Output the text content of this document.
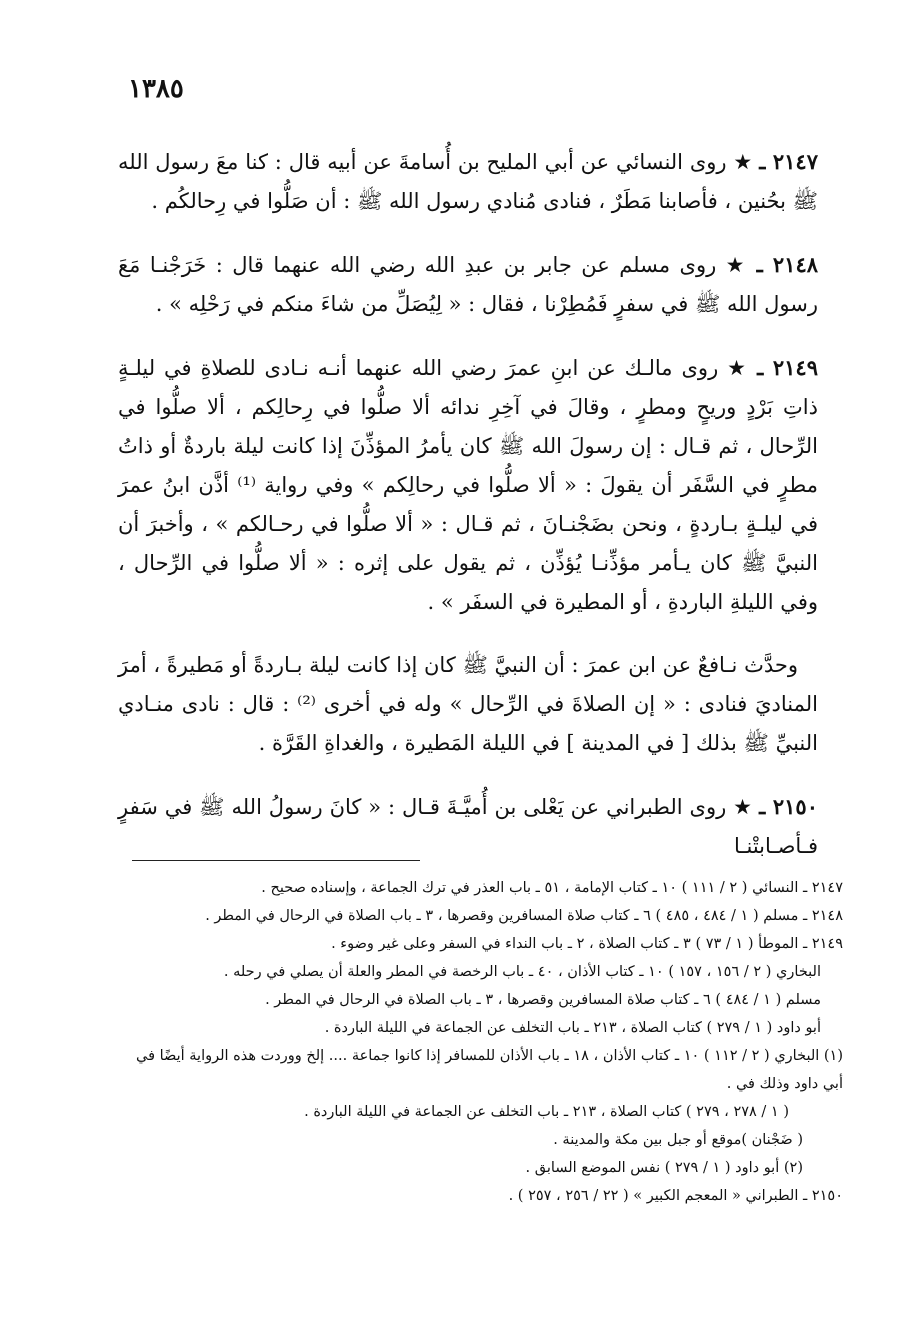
١٣٨٥

٢١٤٧ ـ ★ روى النسائي عن أبي المليح بن أُسامةَ عن أبيه قال : كنا معَ رسول الله ﷺ بحُنين ، فأصابنا مَطَرٌ ، فنادى مُنادي رسول الله ﷺ : أن صَلُّوا في رِحالكُم .

٢١٤٨ ـ ★ روى مسلم عن جابر بن عبدِ الله رضي الله عنهما قال : خَرَجْنـا مَعَ رسول الله ﷺ في سفرٍ فَمُطِرْنا ، فقال : « لِيُصَلِّ من شاءَ منكم في رَحْلِه » .

٢١٤٩ ـ ★ روى مالـك عن ابنِ عمرَ رضي الله عنهما أنـه نـادى للصلاةِ في ليلـةٍ ذاتِ بَرْدٍ وريحٍ ومطرٍ ، وقالَ في آخِرِ ندائه ألا صلُّوا في رِحالِكم ، ألا صلُّوا في الرِّحال ، ثم قـال : إن رسولَ الله ﷺ كان يأمرُ المؤذِّنَ إذا كانت ليلة باردةٌ أو ذاتُ مطرٍ في السَّفَر أن يقولَ : « ألا صلُّوا في رحالِكم » وفي رواية ⁽¹⁾ أذَّن ابنُ عمرَ في ليلـةٍ بـاردةٍ ، ونحن بضَجْنـانَ ، ثم قـال : « ألا صلُّوا في رحـالكم » ، وأخبرَ أن النبيَّ ﷺ كان يـأمر مؤذِّنـا يُؤذِّن ، ثم يقول على إثره : « ألا صلُّوا في الرِّحال ، وفي الليلةِ الباردةِ ، أو المطيرة في السفَر » .

وحدَّث نـافعٌ عن ابن عمرَ : أن النبيَّ ﷺ كان إذا كانت ليلة بـاردةً أو مَطيرةً ، أمرَ المناديَ فنادى : « إن الصلاةَ في الرِّحال » وله في أخرى ⁽²⁾ : قال : نادى منـادي النبيِّ ﷺ بذلك [ في المدينة ] في الليلة المَطيرة ، والغداةِ القَرَّة .

٢١٥٠ ـ ★ روى الطبراني عن يَعْلى بن أُميَّـةَ قـال : « كانَ رسولُ الله ﷺ في سَفرٍ فـأصـابتْنـا

٢١٤٧ ـ النسائي ( ٢ / ١١١ ) ١٠ ـ كتاب الإمامة ، ٥١ ـ باب العذر في ترك الجماعة ، وإسناده صحيح .

٢١٤٨ ـ مسلم ( ١ / ٤٨٤ ، ٤٨٥ ) ٦ ـ كتاب صلاة المسافرين وقصرها ، ٣ ـ باب الصلاة في الرحال في المطر .

٢١٤٩ ـ الموطأ ( ١ / ٧٣ ) ٣ ـ كتاب الصلاة ، ٢ ـ باب النداء في السفر وعلى غير وضوء .

البخاري ( ٢ / ١٥٦ ، ١٥٧ ) ١٠ ـ كتاب الأذان ، ٤٠ ـ باب الرخصة في المطر والعلة أن يصلي في رحله .

مسلم ( ١ / ٤٨٤ ) ٦ ـ كتاب صلاة المسافرين وقصرها ، ٣ ـ باب الصلاة في الرحال في المطر .

أبو داود ( ١ / ٢٧٩ ) كتاب الصلاة ، ٢١٣ ـ باب التخلف عن الجماعة في الليلة الباردة .

(١) البخاري ( ٢ / ١١٢ ) ١٠ ـ كتاب الأذان ، ١٨ ـ باب الأذان للمسافر إذا كانوا جماعة .... إلخ ووردت هذه الرواية أيضًا في أبي داود وذلك في .

( ١ / ٢٧٨ ، ٢٧٩ ) كتاب الصلاة ، ٢١٣ ـ باب التخلف عن الجماعة في الليلة الباردة .

( ضَجْنان )موقع أو جبل بين مكة والمدينة .

(٢) أبو داود ( ١ / ٢٧٩ ) نفس الموضع السابق .

٢١٥٠ ـ الطبراني « المعجم الكبير » ( ٢٢ / ٢٥٦ ، ٢٥٧ ) .
